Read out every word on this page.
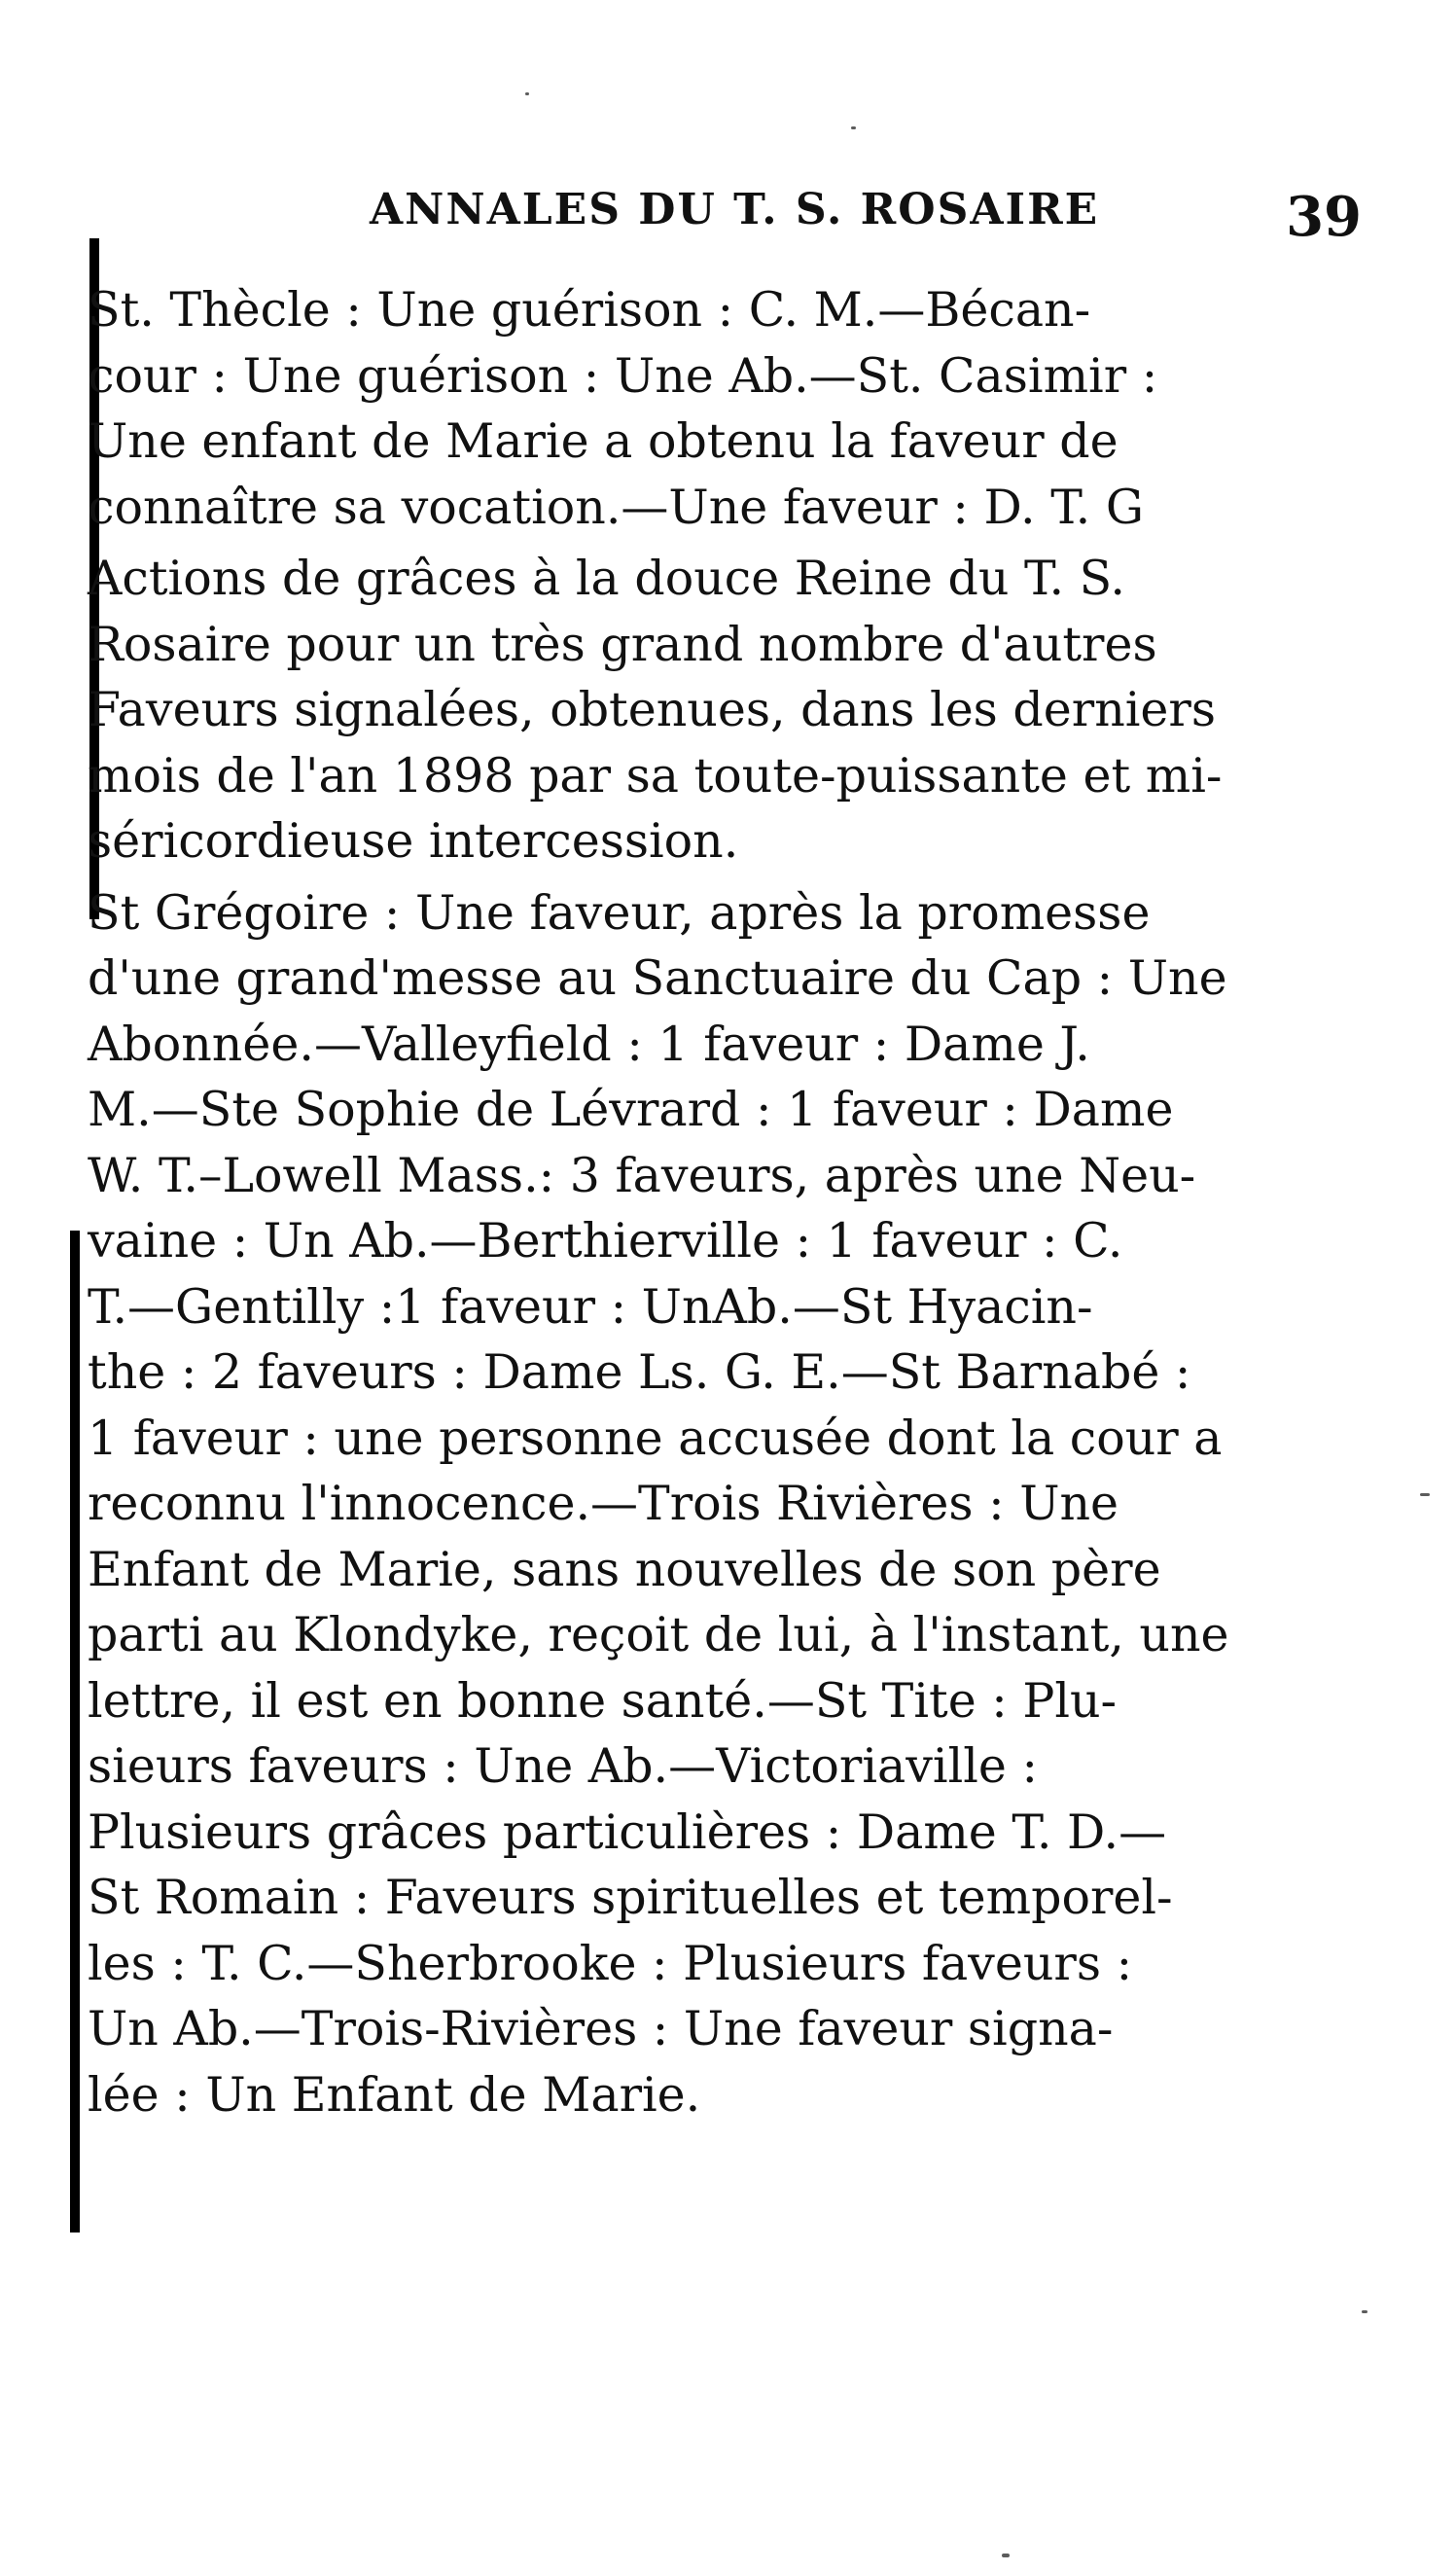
ANNALES DU T. S. ROSAIRE	39

St. Thècle : Une guérison : C. M.—Bécan-
cour : Une guérison : Une Ab.—St. Casimir :
Une enfant de Marie a obtenu la faveur de
connaître sa vocation.—Une faveur : D. T. G

Actions de grâces à la douce Reine du T. S.
Rosaire pour un très grand nombre d'autres
Faveurs signalées, obtenues, dans les derniers
mois de l'an 1898 par sa toute-puissante et mi-
séricordieuse intercession.

St Grégoire : Une faveur, après la promesse
d'une grand'messe au Sanctuaire du Cap : Une
Abonnée.—Valleyfield : 1 faveur : Dame J.
M.—Ste Sophie de Lévrard : 1 faveur : Dame
W. T.–Lowell Mass.: 3 faveurs, après une Neu-
vaine : Un Ab.—Berthierville : 1 faveur : C.
T.—Gentilly :1 faveur : UnAb.—St Hyacin-
the : 2 faveurs : Dame Ls. G. E.—St Barnabé :
1 faveur : une personne accusée dont la cour a
reconnu l'innocence.—Trois Rivières : Une
Enfant de Marie, sans nouvelles de son père
parti au Klondyke, reçoit de lui, à l'instant, une
lettre, il est en bonne santé.—St Tite : Plu-
sieurs faveurs : Une Ab.—Victoriaville :
Plusieurs grâces particulières : Dame T. D.—
St Romain : Faveurs spirituelles et temporel-
les : T. C.—Sherbrooke : Plusieurs faveurs :
Un Ab.—Trois-Rivières : Une faveur signa-
lée : Un Enfant de Marie.
